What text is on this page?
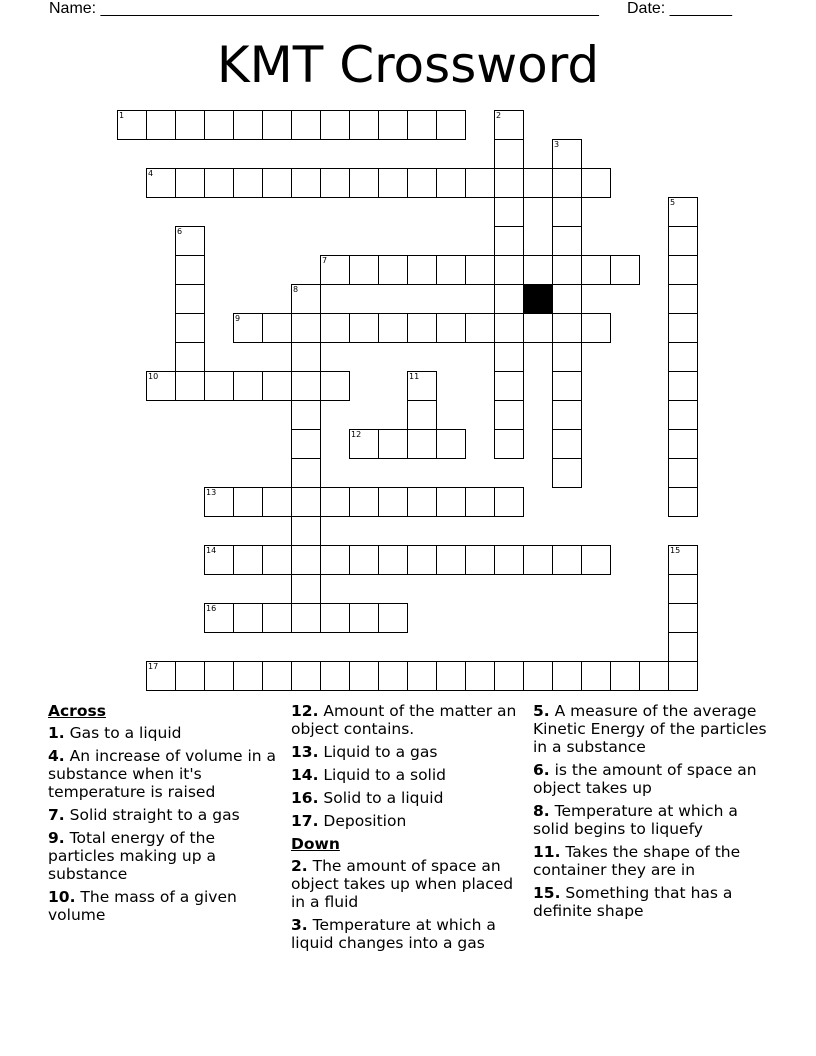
Name: ________________________________________________________ Date: _______
KMT Crossword
1	2
3
4
5
6
7
8
9
10	11
12
13
14	15
16
17
Across
1. Gas to a liquid
4. An increase of volume in a substance when it's temperature is raised
7. Solid straight to a gas
9. Total energy of the particles making up a substance
10. The mass of a given volume
12. Amount of the matter an object contains.
13. Liquid to a gas
14. Liquid to a solid
16. Solid to a liquid
17. Deposition
Down
2. The amount of space an object takes up when placed in a fluid
3. Temperature at which a liquid changes into a gas
5. A measure of the average Kinetic Energy of the particles in a substance
6. is the amount of space an object takes up
8. Temperature at which a solid begins to liquefy
11. Takes the shape of the container they are in
15. Something that has a definite shape
